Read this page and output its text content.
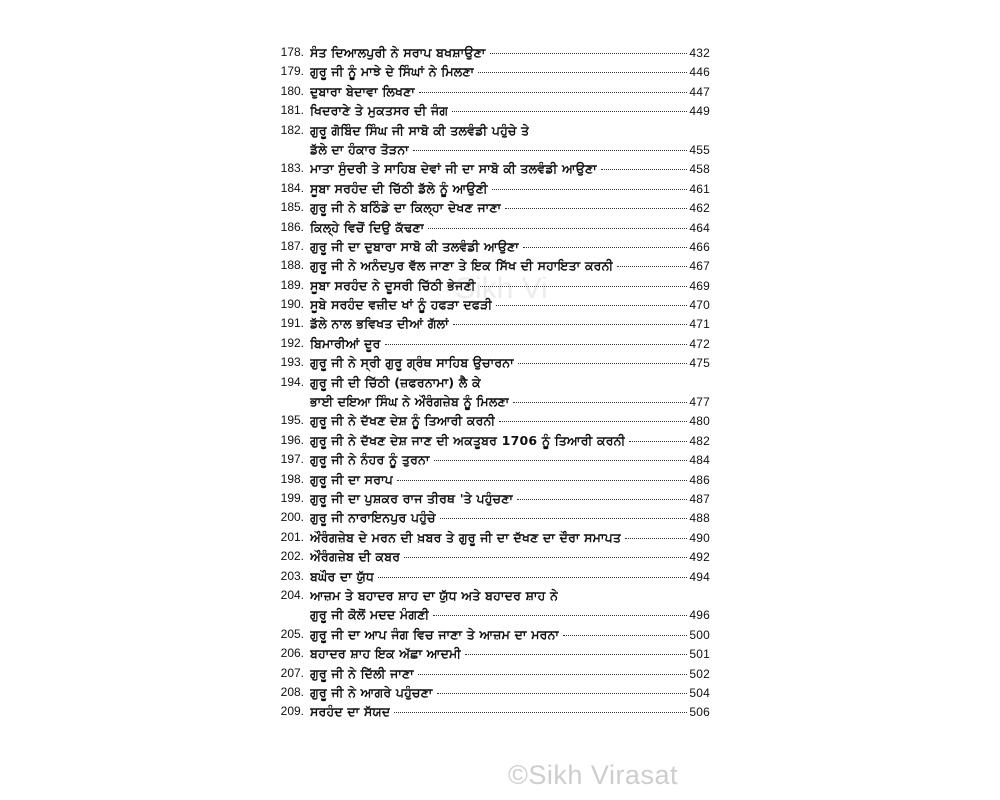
178. ਸੰਤ ਦਿਆਲਪੁਰੀ ਨੇ ਸਰਾਪ ਬਖਸ਼ਾਉਣਾ	432
179. ਗੁਰੂ ਜੀ ਨੂੰ ਮਾਝੇ ਦੇ ਸਿੰਘਾਂ ਨੇ ਮਿਲਣਾ	446
180. ਦੁਬਾਰਾ ਬੇਦਾਵਾ ਲਿਖਣਾ	447
181. ਖਿਦਰਾਣੇ ਤੇ ਮੁਕਤਸਰ ਦੀ ਜੰਗ	449
182. ਗੁਰੂ ਗੋਬਿੰਦ ਸਿੰਘ ਜੀ ਸਾਬੋ ਕੀ ਤਲਵੰਡੀ ਪਹੁੰਚੇ ਤੇ
ਡੱਲੇ ਦਾ ਹੰਕਾਰ ਤੋੜਨਾ	455
183. ਮਾਤਾ ਸੁੰਦਰੀ ਤੇ ਸਾਹਿਬ ਦੇਵਾਂ ਜੀ ਦਾ ਸਾਬੋ ਕੀ ਤਲਵੰਡੀ ਆਉਣਾ	458
184. ਸੂਬਾ ਸਰਹੰਦ ਦੀ ਚਿੱਠੀ ਡੱਲੇ ਨੂੰ ਆਉਣੀ	461
185. ਗੁਰੂ ਜੀ ਨੇ ਬਠਿੰਡੇ ਦਾ ਕਿਲ੍ਹਾ ਦੇਖਣ ਜਾਣਾ	462
186. ਕਿਲ੍ਹੇ ਵਿਚੋਂ ਦਿਉ ਕੱਢਣਾ	464
187. ਗੁਰੂ ਜੀ ਦਾ ਦੁਬਾਰਾ ਸਾਬੋ ਕੀ ਤਲਵੰਡੀ ਆਉਣਾ	466
188. ਗੁਰੂ ਜੀ ਨੇ ਅਨੰਦਪੁਰ ਵੱਲ ਜਾਣਾ ਤੇ ਇਕ ਸਿੱਖ ਦੀ ਸਹਾਇਤਾ ਕਰਨੀ	467
189. ਸੂਬਾ ਸਰਹੰਦ ਨੇ ਦੂਸਰੀ ਚਿੱਠੀ ਭੇਜਣੀ	469
190. ਸੂਬੇ ਸਰਹੰਦ ਵਜ਼ੀਦ ਖਾਂ ਨੂੰ ਹਫੜਾ ਦਫੜੀ	470
191. ਡੱਲੇ ਨਾਲ ਭਵਿਖਤ ਦੀਆਂ ਗੱਲਾਂ	471
192. ਬਿਮਾਰੀਆਂ ਦੂਰ	472
193. ਗੁਰੂ ਜੀ ਨੇ ਸ੍ਰੀ ਗੁਰੂ ਗ੍ਰੰਥ ਸਾਹਿਬ ਉਚਾਰਨਾ	475
194. ਗੁਰੂ ਜੀ ਦੀ ਚਿੱਠੀ (ਜ਼ਫਰਨਾਮਾ) ਲੈ ਕੇ
ਭਾਈ ਦਇਆ ਸਿੰਘ ਨੇ ਔਰੰਗਜ਼ੇਬ ਨੂੰ ਮਿਲਣਾ	477
195. ਗੁਰੂ ਜੀ ਨੇ ਦੱਖਣ ਦੇਸ਼ ਨੂੰ ਤਿਆਰੀ ਕਰਨੀ	480
196. ਗੁਰੂ ਜੀ ਨੇ ਦੱਖਣ ਦੇਸ਼ ਜਾਣ ਦੀ ਅਕਤੂਬਰ 1706 ਨੂੰ ਤਿਆਰੀ ਕਰਨੀ	482
197. ਗੁਰੂ ਜੀ ਨੇ ਨੰਹਰ ਨੂੰ ਤੁਰਨਾ	484
198. ਗੁਰੂ ਜੀ ਦਾ ਸਰਾਪ	486
199. ਗੁਰੂ ਜੀ ਦਾ ਪੁਸ਼ਕਰ ਰਾਜ ਤੀਰਥ 'ਤੇ ਪਹੁੰਚਣਾ	487
200. ਗੁਰੂ ਜੀ ਨਾਰਾਇਨਪੁਰ ਪਹੁੰਚੇ	488
201. ਔਰੰਗਜ਼ੇਬ ਦੇ ਮਰਨ ਦੀ ਖ਼ਬਰ ਤੇ ਗੁਰੂ ਜੀ ਦਾ ਦੱਖਣ ਦਾ ਦੌਰਾ ਸਮਾਪਤ	490
202. ਔਰੰਗਜ਼ੇਬ ਦੀ ਕਬਰ	492
203. ਬਘੌਰ ਦਾ ਯੁੱਧ	494
204. ਆਜ਼ਮ ਤੇ ਬਹਾਦਰ ਸ਼ਾਹ ਦਾ ਯੁੱਧ ਅਤੇ ਬਹਾਦਰ ਸ਼ਾਹ ਨੇ
ਗੁਰੂ ਜੀ ਕੋਲੋਂ ਮਦਦ ਮੰਗਣੀ	496
205. ਗੁਰੂ ਜੀ ਦਾ ਆਪ ਜੰਗ ਵਿਚ ਜਾਣਾ ਤੇ ਆਜ਼ਮ ਦਾ ਮਰਨਾ	500
206. ਬਹਾਦਰ ਸ਼ਾਹ ਇਕ ਅੱਛਾ ਆਦਮੀ	501
207. ਗੁਰੂ ਜੀ ਨੇ ਦਿੱਲੀ ਜਾਣਾ	502
208. ਗੁਰੂ ਜੀ ਨੇ ਆਗਰੇ ਪਹੁੰਚਣਾ	504
209. ਸਰਹੰਦ ਦਾ ਸੱਯਦ	506
Sikh Vi
©Sikh Virasat
